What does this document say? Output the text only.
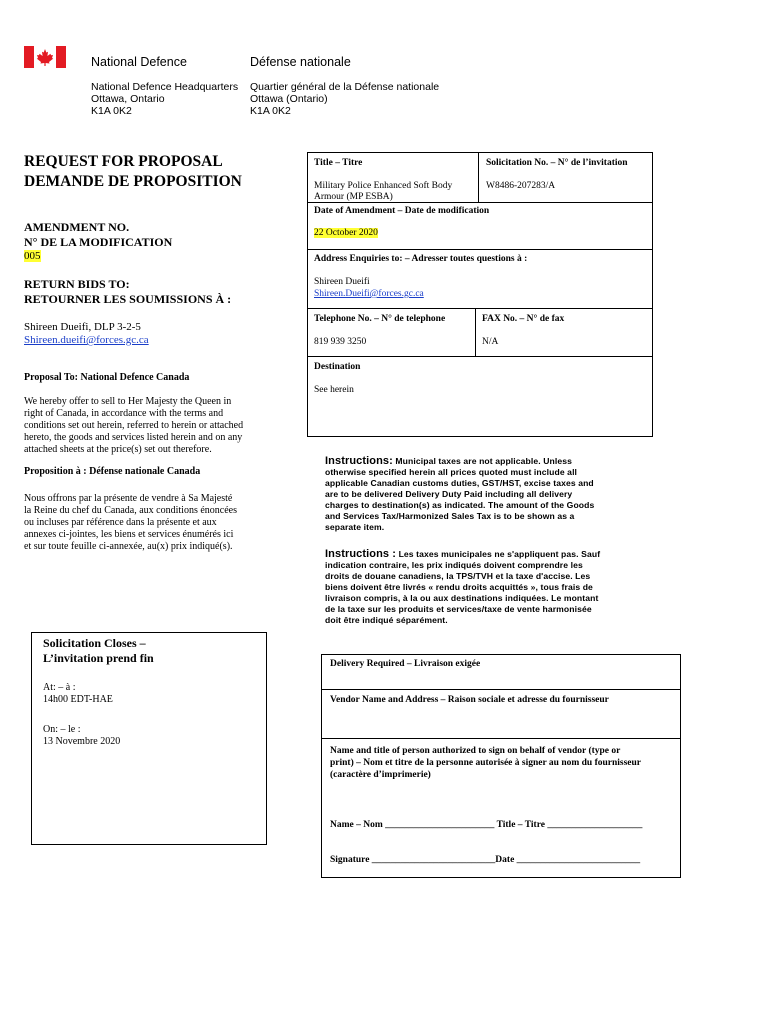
National Defence	Défense nationale
National Defence Headquarters
Ottawa, Ontario
K1A 0K2
Quartier général de la Défense nationale
Ottawa (Ontario)
K1A 0K2
REQUEST FOR PROPOSAL
DEMANDE DE PROPOSITION
AMENDMENT NO.
N° DE LA MODIFICATION
005
RETURN BIDS TO:
RETOURNER LES SOUMISSIONS À :
Shireen Dueifi, DLP 3-2-5
Shireen.dueifi@forces.gc.ca
Proposal To: National Defence Canada
We hereby offer to sell to Her Majesty the Queen in
right of Canada, in accordance with the terms and
conditions set out herein, referred to herein or attached
hereto, the goods and services listed herein and on any
attached sheets at the price(s) set out therefore.
Proposition à : Défense nationale Canada
Nous offrons par la présente de vendre à Sa Majesté
la Reine du chef du Canada, aux conditions énoncées
ou incluses par référence dans la présente et aux
annexes ci-jointes, les biens et services énumérés ici
et sur toute feuille ci-annexée, au(x) prix indiqué(s).
Solicitation Closes –
L’invitation prend fin
At: – à :
14h00 EDT-HAE
On: – le :
13 Novembre 2020
Title – Titre
Military Police Enhanced Soft Body
Armour (MP ESBA)
Solicitation No. – N° de l’invitation
W8486-207283/A
Date of Amendment – Date de modification
22 October 2020
Address Enquiries to: – Adresser toutes questions à :
Shireen Dueifi
Shireen.Dueifi@forces.gc.ca
Telephone No. – N° de telephone
819 939 3250
FAX No. – N° de fax
N/A
Destination
See herein
Instructions: Municipal taxes are not applicable. Unless
otherwise specified herein all prices quoted must include all
applicable Canadian customs duties, GST/HST, excise taxes and
are to be delivered Delivery Duty Paid including all delivery
charges to destination(s) as indicated. The amount of the Goods
and Services Tax/Harmonized Sales Tax is to be shown as a
separate item.
Instructions : Les taxes municipales ne s'appliquent pas. Sauf
indication contraire, les prix indiqués doivent comprendre les
droits de douane canadiens, la TPS/TVH et la taxe d'accise. Les
biens doivent être livrés « rendu droits acquittés », tous frais de
livraison compris, à la ou aux destinations indiquées. Le montant
de la taxe sur les produits et services/taxe de vente harmonisée
doit être indiqué séparément.
Delivery Required – Livraison exigée
Vendor Name and Address – Raison sociale et adresse du fournisseur
Name and title of person authorized to sign on behalf of vendor (type or
print) – Nom et titre de la personne autorisée à signer au nom du fournisseur
(caractère d’imprimerie)
Name – Nom _______________________ Title – Titre ____________________
Signature __________________________Date __________________________
